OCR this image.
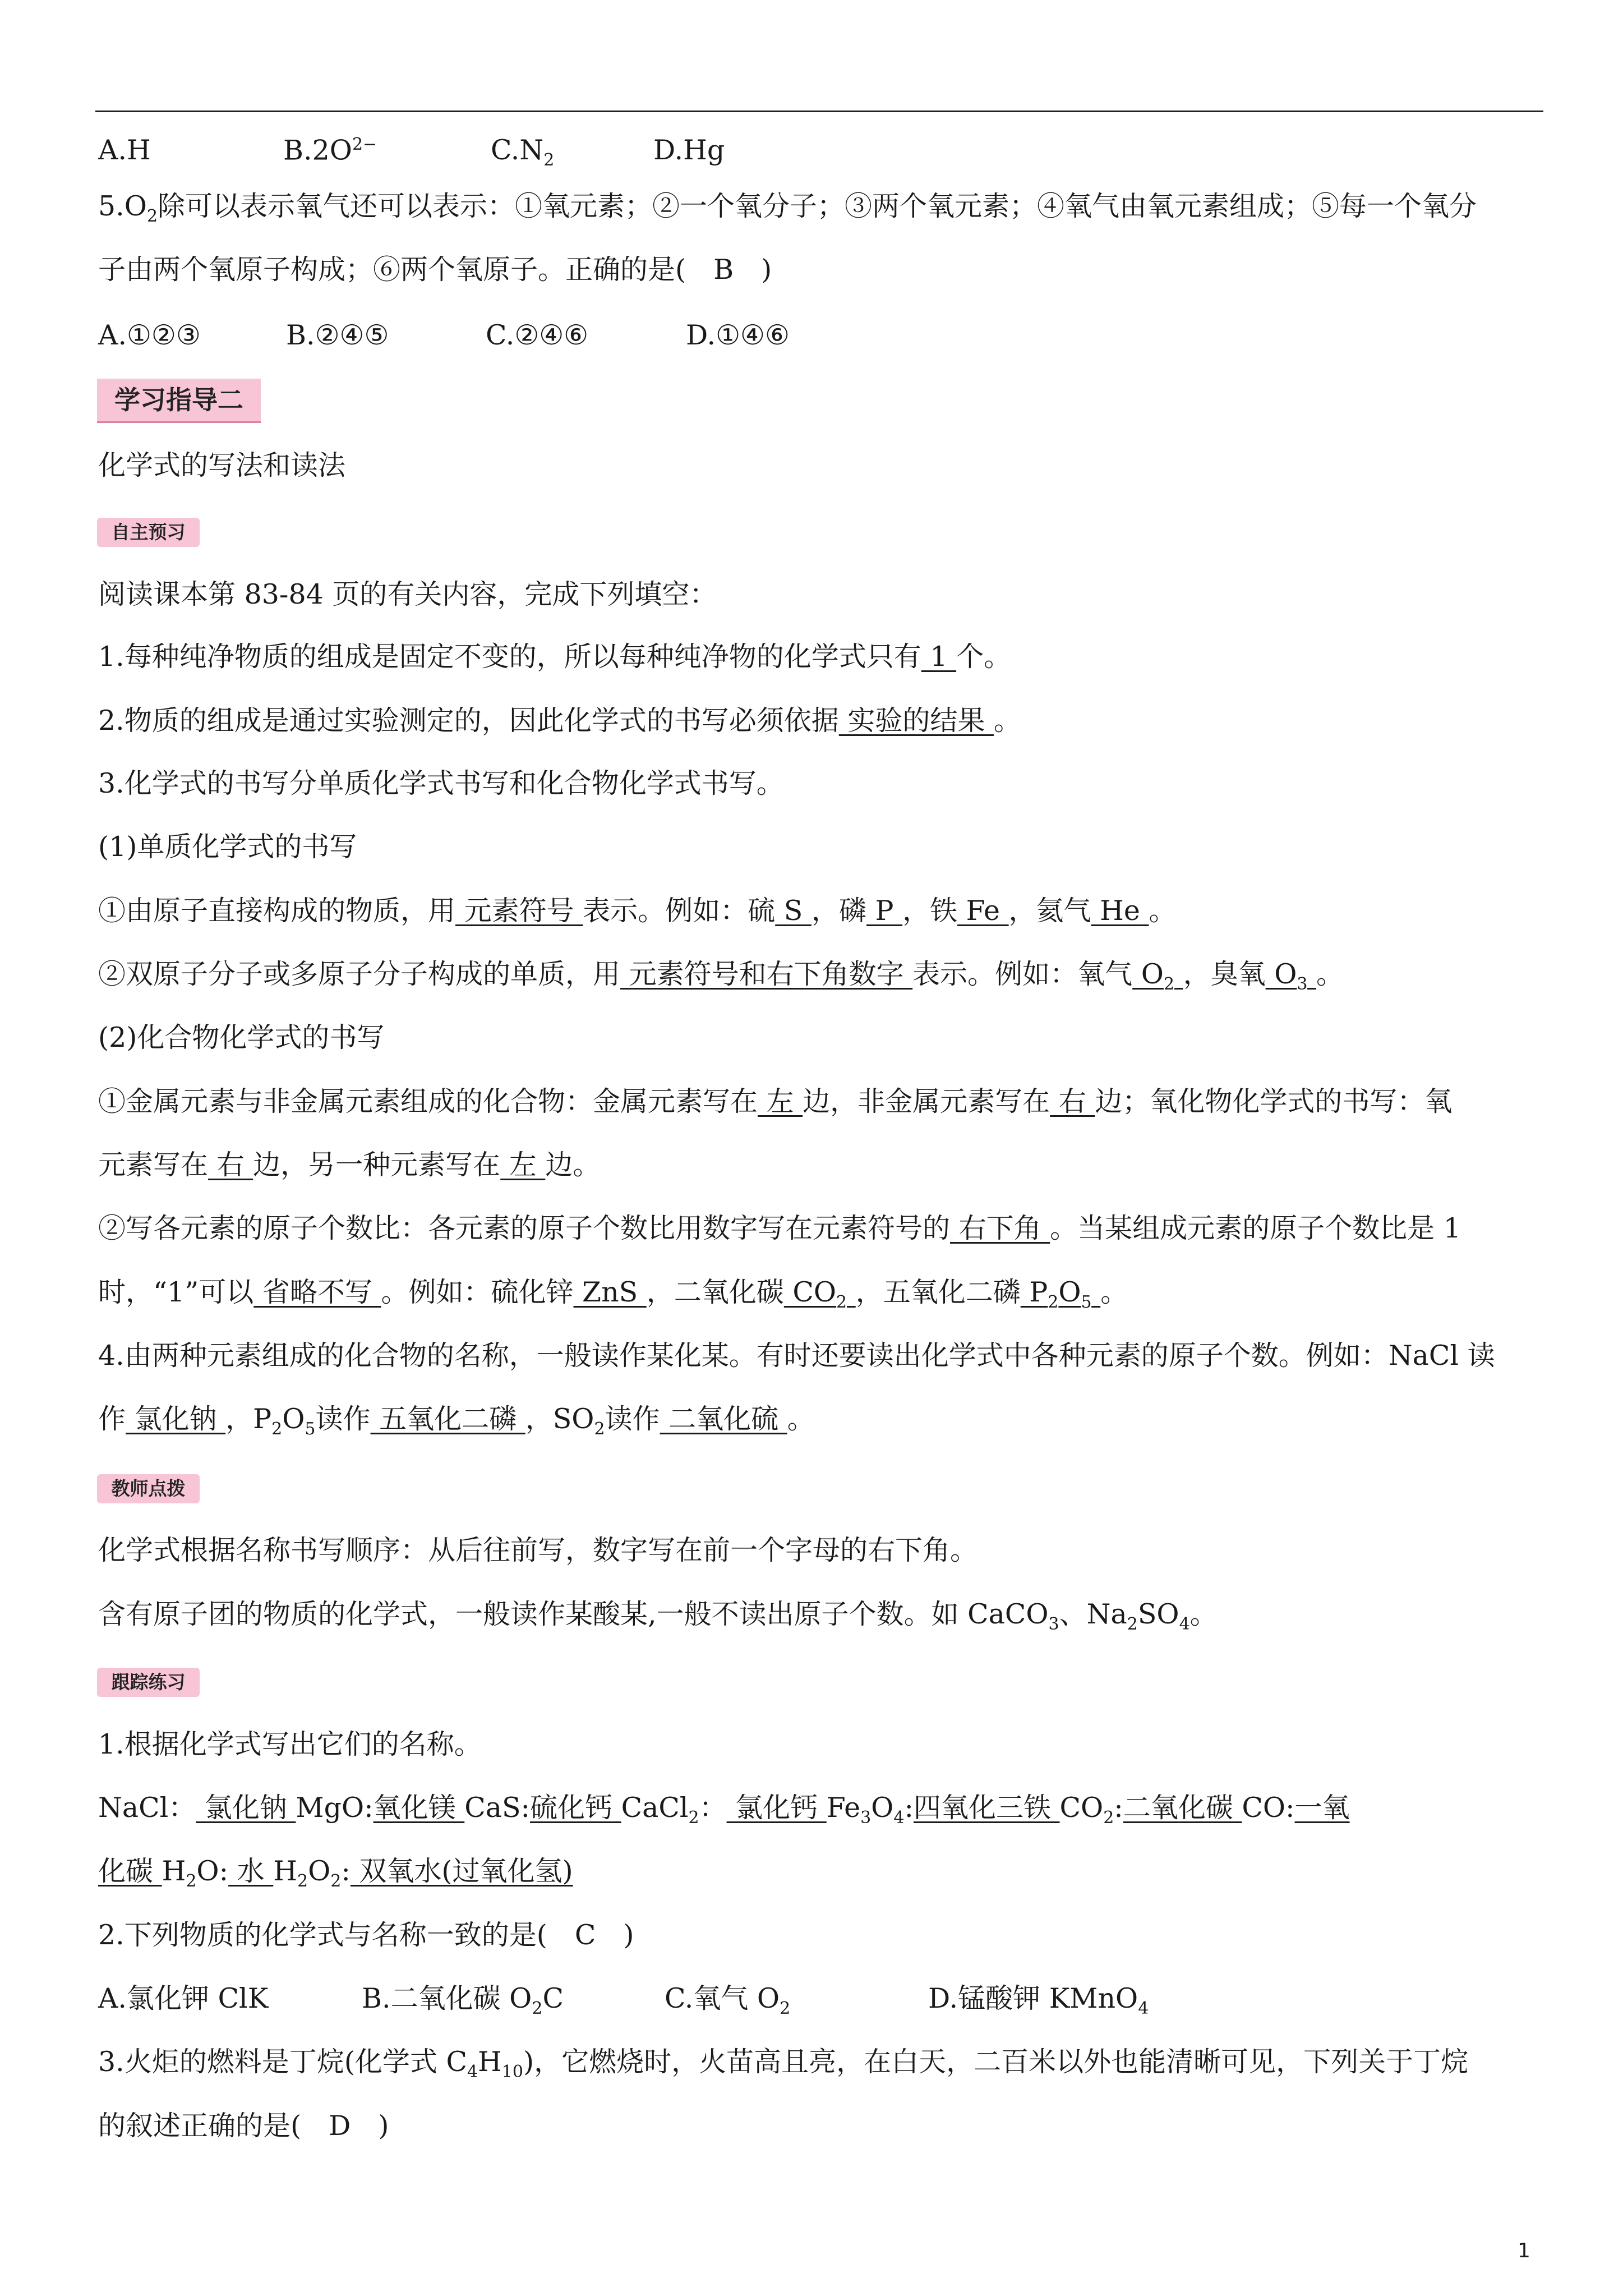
A.H	$B.2O^{2-}$	$C.N_2$	D.Hg
$5.O_2$除可以表示氧气还可以表示：①氧元素；②一个氧分子；③两个氧元素；④氧气由氧元素组成；⑤每一个氧分
子由两个氧原子构成；⑥两个氧原子。正确的是(　B　)
A.①②③	B.②④⑤	C.②④⑥	D.①④⑥
学习指导二
化学式的写法和读法
自主预习
阅读课本第 83-84 页的有关内容，完成下列填空：
1.每种纯净物质的组成是固定不变的，所以每种纯净物的化学式只有 1 个。
2.物质的组成是通过实验测定的，因此化学式的书写必须依据 实验的结果 。
3.化学式的书写分单质化学式书写和化合物化学式书写。
(1)单质化学式的书写
①由原子直接构成的物质，用 元素符号 表示。例如：硫 S ，磷 P ，铁 Fe ，氦气 He 。
②双原子分子或多原子分子构成的单质，用 元素符号和右下角数字 表示。例如：氧气 $O_2$ ，臭氧 $O_3$ 。
(2)化合物化学式的书写
①金属元素与非金属元素组成的化合物：金属元素写在 左 边，非金属元素写在 右 边；氧化物化学式的书写：氧
元素写在 右 边，另一种元素写在 左 边。
②写各元素的原子个数比：各元素的原子个数比用数字写在元素符号的 右下角 。当某组成元素的原子个数比是 1
时，“1”可以 省略不写 。例如：硫化锌 ZnS ，二氧化碳 $CO_2$ ，五氧化二磷 $P_2O_5$ 。
4.由两种元素组成的化合物的名称，一般读作某化某。有时还要读出化学式中各种元素的原子个数。例如：NaCl 读
作 氯化钠 ，$P_2O_5$读作 五氧化二磷 ，$SO_2$读作 二氧化硫 。
教师点拨
化学式根据名称书写顺序：从后往前写，数字写在前一个字母的右下角。
含有原子团的物质的化学式，一般读作某酸某,一般不读出原子个数。如 CaCO$_3$、$Na_2SO_4$。
跟踪练习
1.根据化学式写出它们的名称。
NaCl： 氯化钠 MgO:氧化镁 CaS:硫化钙 CaCl$_2$： 氯化钙 $Fe_3O_4$:四氧化三铁 $CO_2$:二氧化碳 CO:一氧
化碳 $H_2O$: 水 $H_2O_2$: 双氧水(过氧化氢)
2.下列物质的化学式与名称一致的是(　C　)
A.氯化钾 ClK	B.二氧化碳 $O_2C$	C.氧气 $O_2$	D.锰酸钾 KMnO$_4$
3.火炬的燃料是丁烷(化学式 $C_4H_{10}$)，它燃烧时，火苗高且亮，在白天，二百米以外也能清晰可见，下列关于丁烷
的叙述正确的是(　D　)
1
